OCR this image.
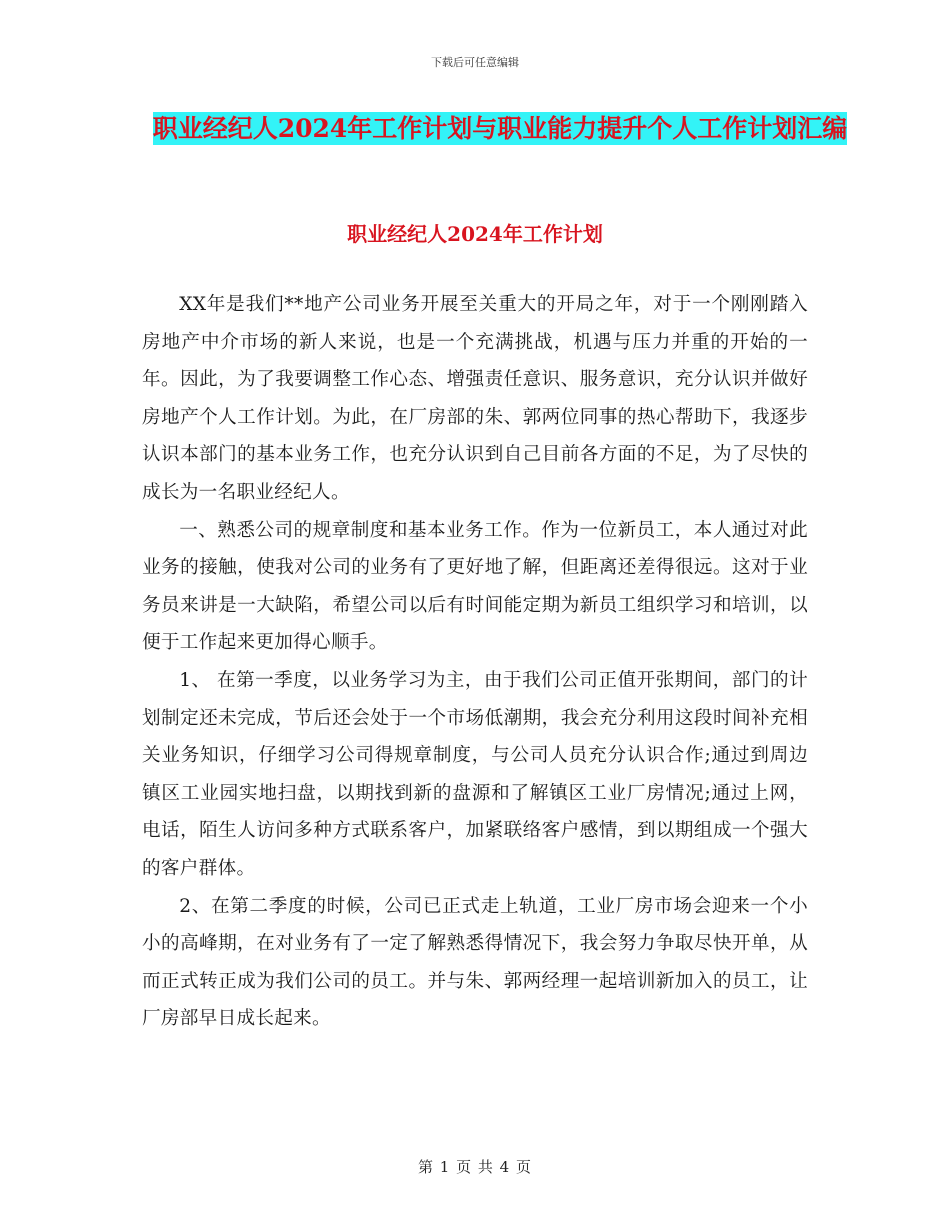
下载后可任意编辑
职业经纪人2024年工作计划与职业能力提升个人工作计划汇编
职业经纪人2024年工作计划

XX年是我们**地产公司业务开展至关重大的开局之年，对于一个刚刚踏入房地产中介市场的新人来说，也是一个充满挑战，机遇与压力并重的开始的一年。因此，为了我要调整工作心态、增强责任意识、服务意识，充分认识并做好房地产个人工作计划。为此，在厂房部的朱、郭两位同事的热心帮助下，我逐步认识本部门的基本业务工作，也充分认识到自己目前各方面的不足，为了尽快的成长为一名职业经纪人。

一、熟悉公司的规章制度和基本业务工作。作为一位新员工，本人通过对此业务的接触，使我对公司的业务有了更好地了解，但距离还差得很远。这对于业务员来讲是一大缺陷，希望公司以后有时间能定期为新员工组织学习和培训，以便于工作起来更加得心顺手。

1、 在第一季度，以业务学习为主，由于我们公司正值开张期间，部门的计划制定还未完成，节后还会处于一个市场低潮期，我会充分利用这段时间补充相关业务知识，仔细学习公司得规章制度，与公司人员充分认识合作;通过到周边镇区工业园实地扫盘，以期找到新的盘源和了解镇区工业厂房情况;通过上网，电话，陌生人访问多种方式联系客户，加紧联络客户感情，到以期组成一个强大的客户群体。

2、在第二季度的时候，公司已正式走上轨道，工业厂房市场会迎来一个小小的高峰期，在对业务有了一定了解熟悉得情况下，我会努力争取尽快开单，从而正式转正成为我们公司的员工。并与朱、郭两经理一起培训新加入的员工，让厂房部早日成长起来。

第 1 页 共 4 页
